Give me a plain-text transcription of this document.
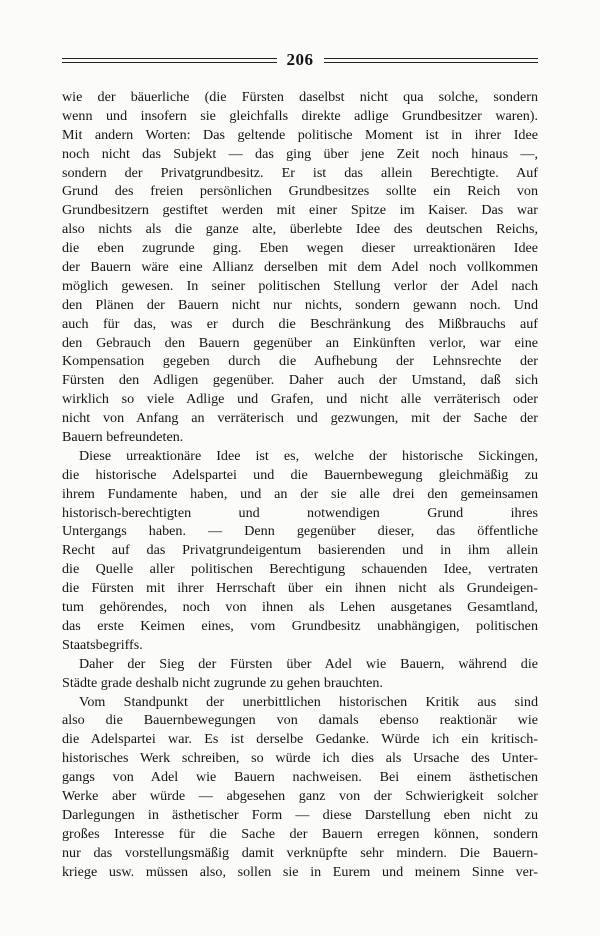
206
wie der bäuerliche (die Fürsten daselbst nicht qua solche, sondern
wenn und insofern sie gleichfalls direkte adlige Grundbesitzer waren).
Mit andern Worten: Das geltende politische Moment ist in ihrer Idee
noch nicht das Subjekt — das ging über jene Zeit noch hinaus —,
sondern der Privatgrundbesitz. Er ist das allein Berechtigte. Auf
Grund des freien persönlichen Grundbesitzes sollte ein Reich von
Grundbesitzern gestiftet werden mit einer Spitze im Kaiser. Das war
also nichts als die ganze alte, überlebte Idee des deutschen Reichs,
die eben zugrunde ging. Eben wegen dieser urreaktionären Idee
der Bauern wäre eine Allianz derselben mit dem Adel noch vollkommen
möglich gewesen. In seiner politischen Stellung verlor der Adel nach
den Plänen der Bauern nicht nur nichts, sondern gewann noch. Und
auch für das, was er durch die Beschränkung des Mißbrauchs auf
den Gebrauch den Bauern gegenüber an Einkünften verlor, war eine
Kompensation gegeben durch die Aufhebung der Lehnsrechte der
Fürsten den Adligen gegenüber. Daher auch der Umstand, daß sich
wirklich so viele Adlige und Grafen, und nicht alle verräterisch oder
nicht von Anfang an verräterisch und gezwungen, mit der Sache der
Bauern befreundeten.
Diese urreaktionäre Idee ist es, welche der historische Sickingen,
die historische Adelspartei und die Bauernbewegung gleichmäßig zu
ihrem Fundamente haben, und an der sie alle drei den gemeinsamen
historisch-berechtigten und notwendigen Grund ihres
Untergangs haben. — Denn gegenüber dieser, das öffentliche
Recht auf das Privatgrundeigentum basierenden und in ihm allein
die Quelle aller politischen Berechtigung schauenden Idee, vertraten
die Fürsten mit ihrer Herrschaft über ein ihnen nicht als Grundeigen-
tum gehörendes, noch von ihnen als Lehen ausgetanes Gesamtland,
das erste Keimen eines, vom Grundbesitz unabhängigen, politischen
Staatsbegriffs.
Daher der Sieg der Fürsten über Adel wie Bauern, während die
Städte grade deshalb nicht zugrunde zu gehen brauchten.
Vom Standpunkt der unerbittlichen historischen Kritik aus sind
also die Bauernbewegungen von damals ebenso reaktionär wie
die Adelspartei war. Es ist derselbe Gedanke. Würde ich ein kritisch-
historisches Werk schreiben, so würde ich dies als Ursache des Unter-
gangs von Adel wie Bauern nachweisen. Bei einem ästhetischen
Werke aber würde — abgesehen ganz von der Schwierigkeit solcher
Darlegungen in ästhetischer Form — diese Darstellung eben nicht zu
großes Interesse für die Sache der Bauern erregen können, sondern
nur das vorstellungsmäßig damit verknüpfte sehr mindern. Die Bauern-
kriege usw. müssen also, sollen sie in Eurem und meinem Sinne ver-
